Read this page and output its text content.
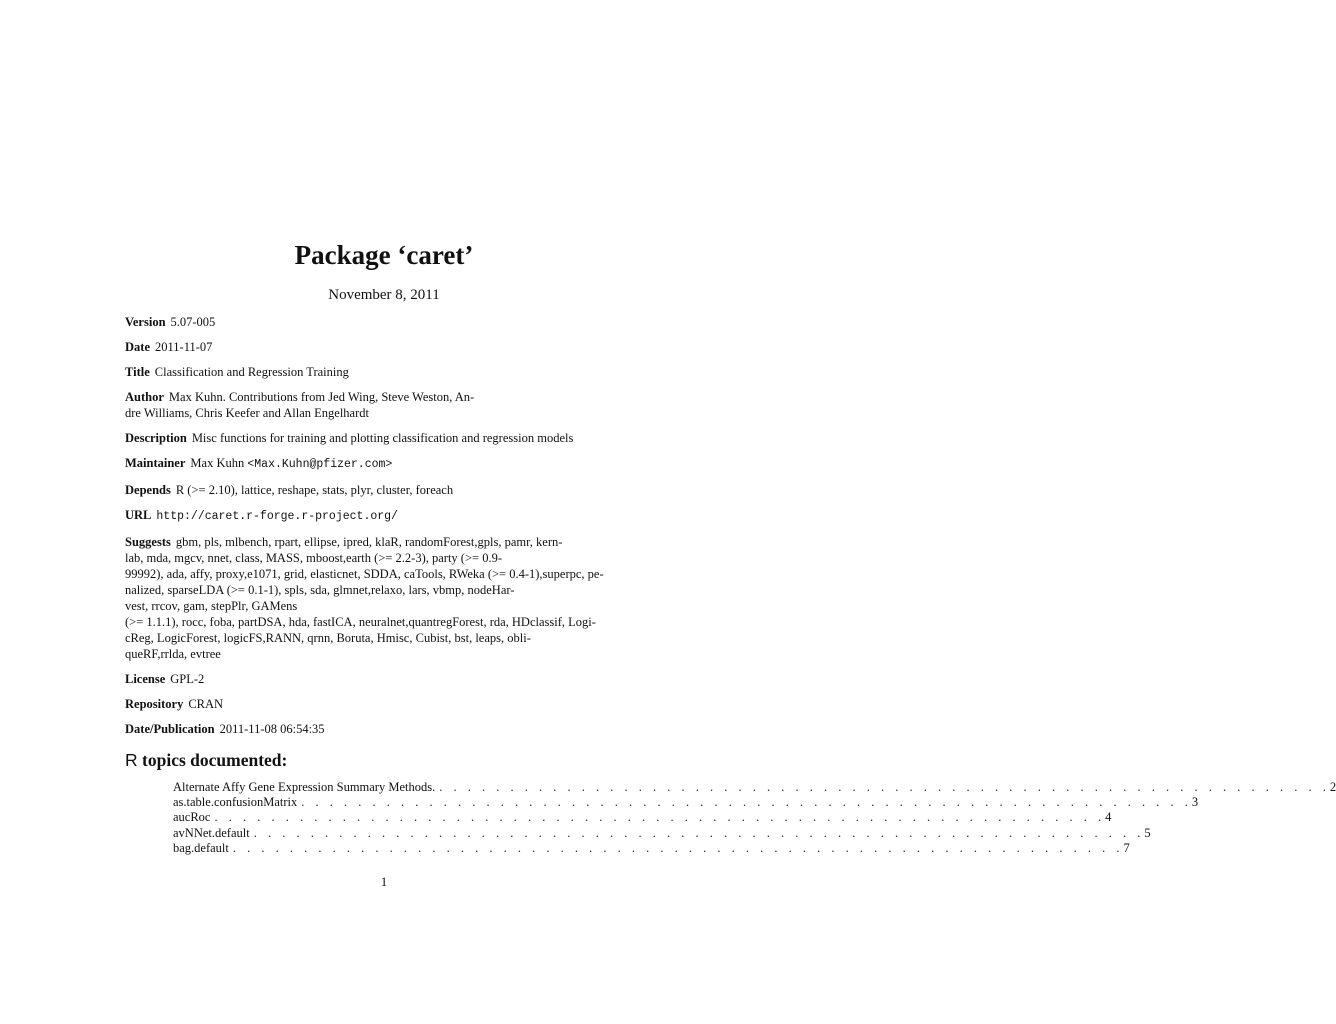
Package ‘caret’
November 8, 2011
Version 5.07-005
Date 2011-11-07
Title Classification and Regression Training
Author Max Kuhn. Contributions from Jed Wing, Steve Weston, An-
dre Williams, Chris Keefer and Allan Engelhardt
Description Misc functions for training and plotting classification and regression models
Maintainer Max Kuhn <Max.Kuhn@pfizer.com>
Depends R (>= 2.10), lattice, reshape, stats, plyr, cluster, foreach
URL http://caret.r-forge.r-project.org/
Suggests gbm, pls, mlbench, rpart, ellipse, ipred, klaR, randomForest,gpls, pamr, kern-
lab, mda, mgcv, nnet, class, MASS, mboost,earth (>= 2.2-3), party (>= 0.9-
99992), ada, affy, proxy,e1071, grid, elasticnet, SDDA, caTools, RWeka (>= 0.4-1),superpc, pe-
nalized, sparseLDA (>= 0.1-1), spls, sda, glmnet,relaxo, lars, vbmp, nodeHar-
vest, rrcov, gam, stepPlr, GAMens
(>= 1.1.1), rocc, foba, partDSA, hda, fastICA, neuralnet,quantregForest, rda, HDclassif, Logi-
cReg, LogicForest, logicFS,RANN, qrnn, Boruta, Hmisc, Cubist, bst, leaps, obli-
queRF,rrlda, evtree
License GPL-2
Repository CRAN
Date/Publication 2011-11-08 06:54:35
R topics documented:
Alternate Affy Gene Expression Summary Methods. . . . . . . . . . . . . . . . . . . . . . . . . . . . . . . . . . . . . . . . . . . . . . . . . . . . . . . . . . . . . . . . 2
as.table.confusionMatrix . . . . . . . . . . . . . . . . . . . . . . . . . . . . . . . . . . . . . . . . . . . . . . . . . . . . . . . . . . . . . . . 3
aucRoc . . . . . . . . . . . . . . . . . . . . . . . . . . . . . . . . . . . . . . . . . . . . . . . . . . . . . . . . . . . . . . . 4
avNNet.default . . . . . . . . . . . . . . . . . . . . . . . . . . . . . . . . . . . . . . . . . . . . . . . . . . . . . . . . . . . . . . . 5
bag.default . . . . . . . . . . . . . . . . . . . . . . . . . . . . . . . . . . . . . . . . . . . . . . . . . . . . . . . . . . . . . . . 7
1
